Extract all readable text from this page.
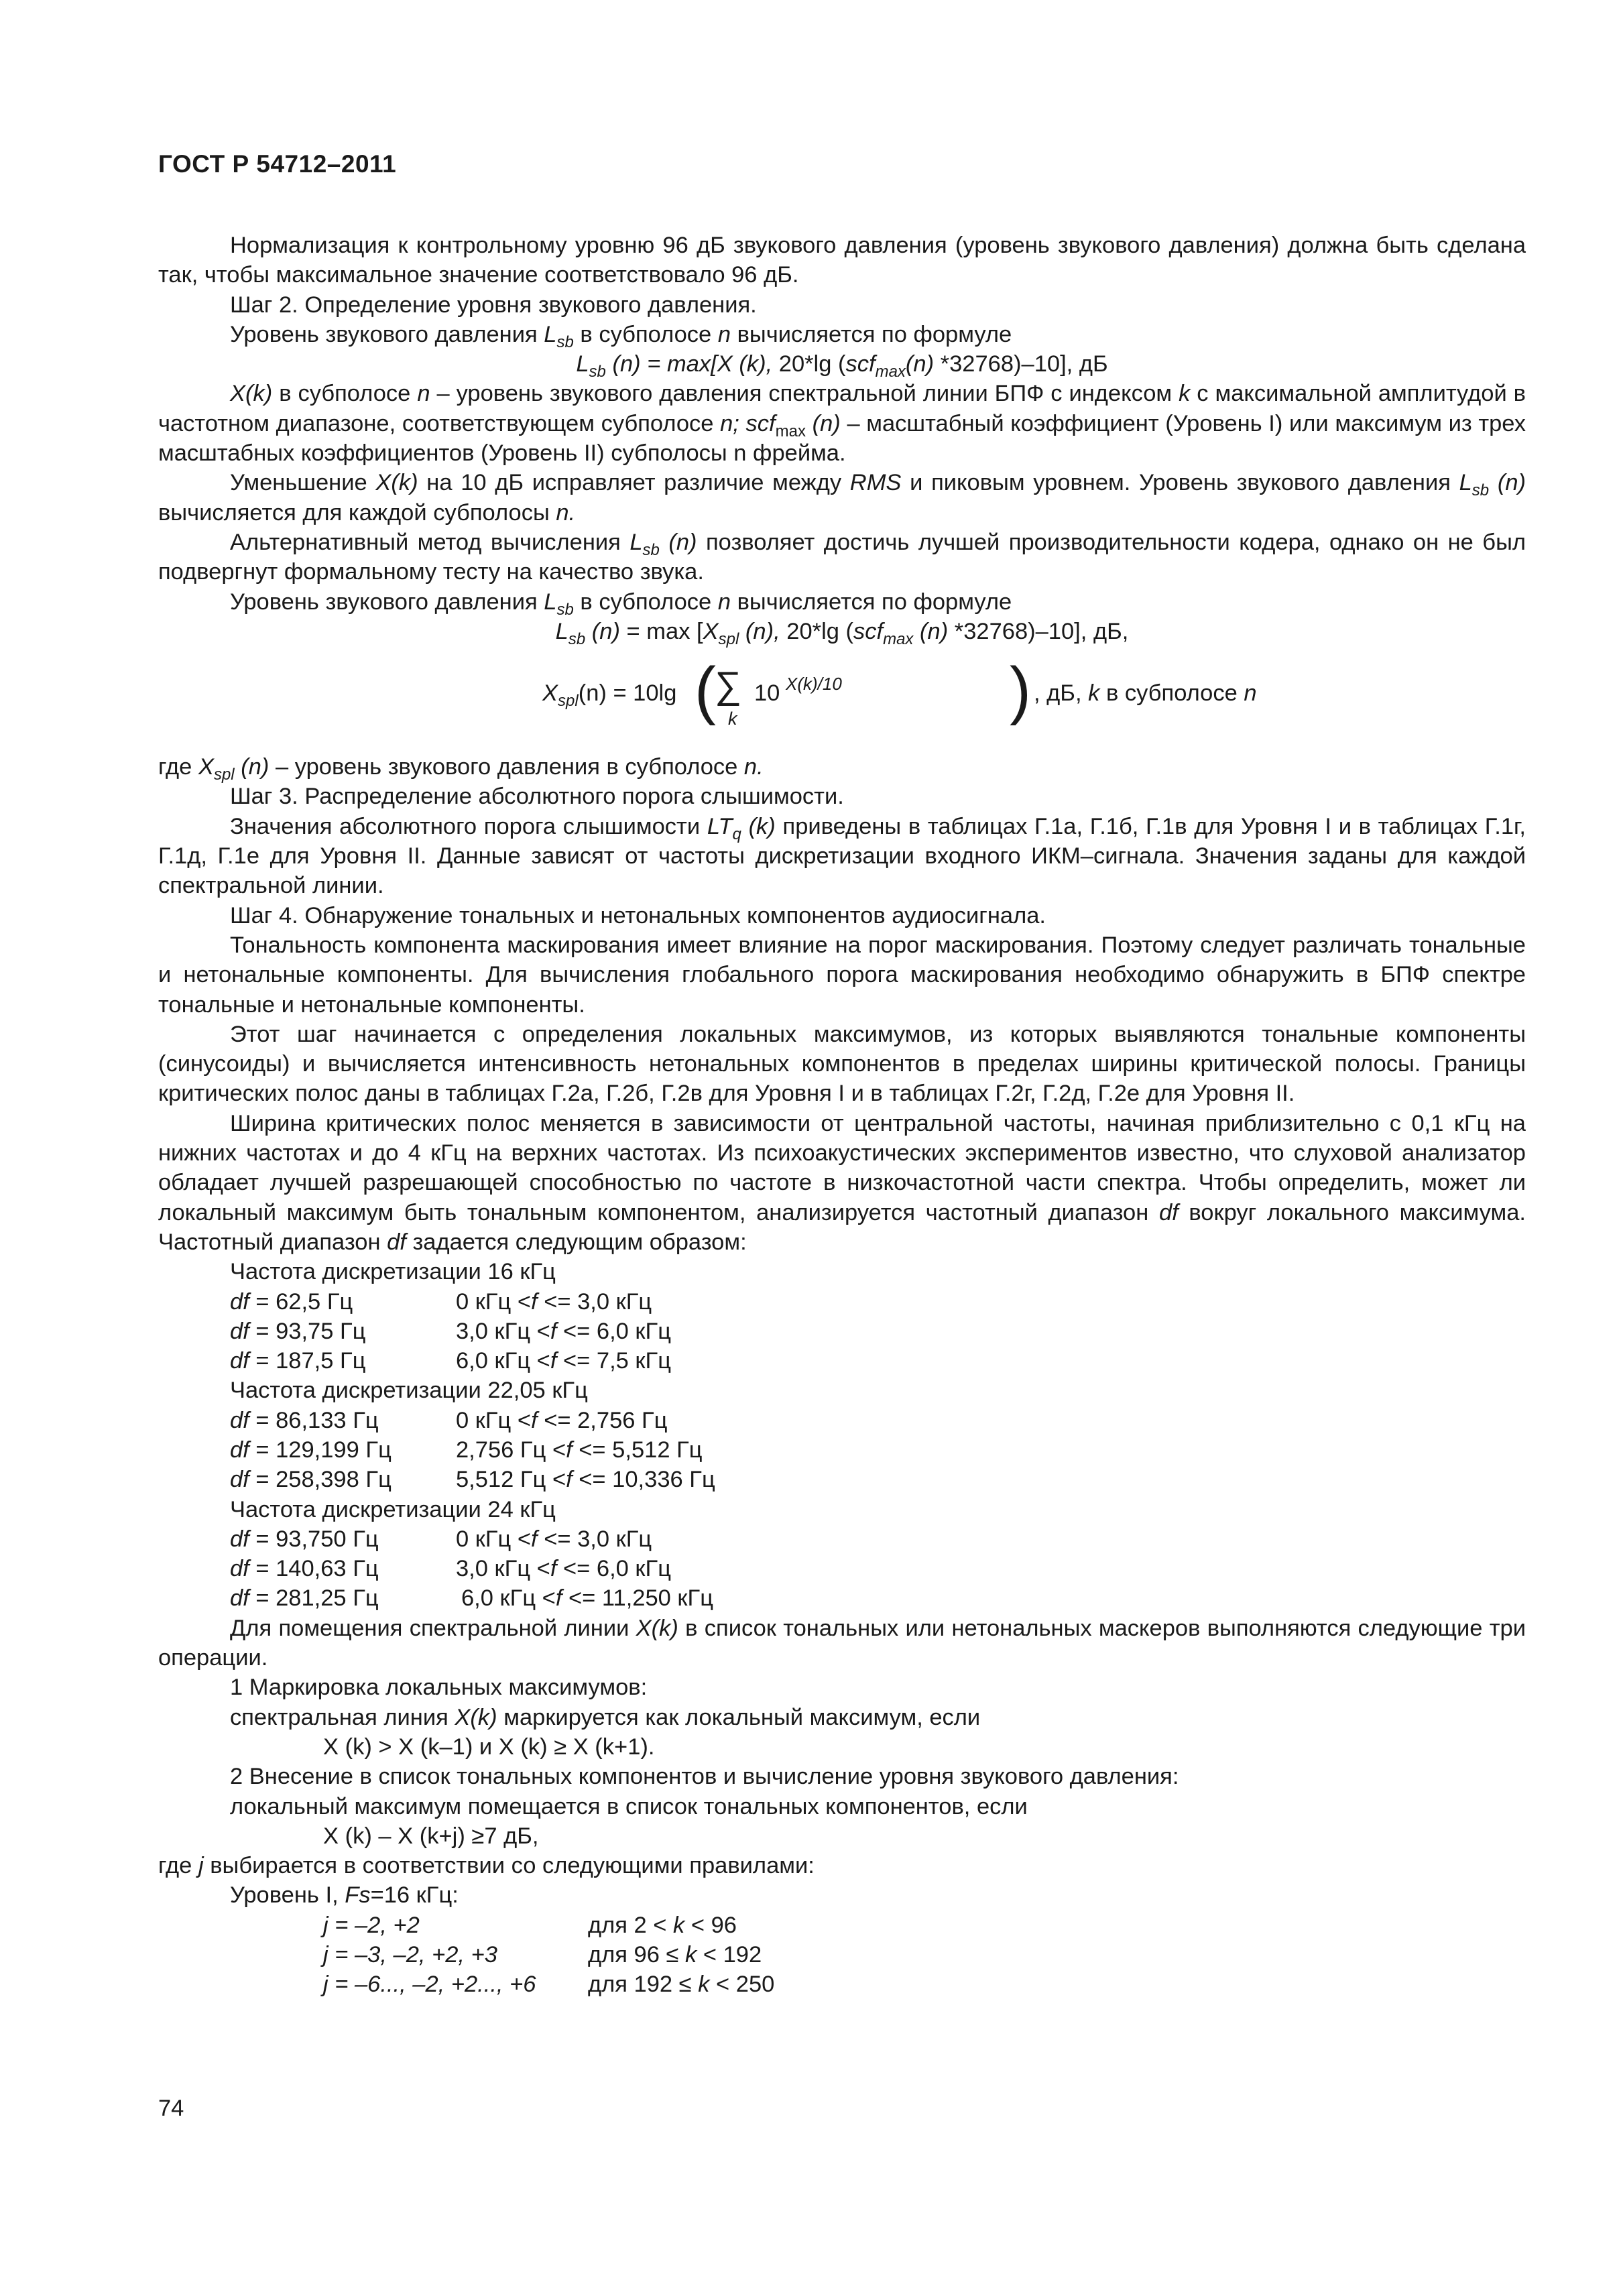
ГОСТ Р 54712–2011

Нормализация к контрольному уровню 96 дБ звукового давления (уровень звукового давления) должна быть сделана так, чтобы максимальное значение соответствовало 96 дБ.

Шаг 2. Определение уровня звукового давления.

Уровень звукового давления $L_{sb}$ в субполосе n вычисляется по формуле

$L_{sb}$ (n) = max[X (k), 20*lg (scf$_{max}$(n) *32768)–10], дБ

X(k) в субполосе n – уровень звукового давления спектральной линии БПФ с индексом k с максимальной амплитудой в частотном диапазоне, соответствующем субполосе n; scf$_{max}$ (n) – масштабный коэффициент (Уровень I) или максимум из трех масштабных коэффициентов (Уровень II) субполосы n фрейма.

Уменьшение X(k) на 10 дБ исправляет различие между RMS и пиковым уровнем. Уровень звукового давления $L_{sb}$ (n) вычисляется для каждой субполосы n.

Альтернативный метод вычисления $L_{sb}$ (n) позволяет достичь лучшей производительности кодера, однако он не был подвергнут формальному тесту на качество звука.

Уровень звукового давления $L_{sb}$ в субполосе n вычисляется по формуле

$L_{sb}$ $(n) = \max [X_{spl}$ (n), 20*lg (scf$_{max}$ (n) *32768)–10], дБ,

$X_{spl}(n) = 10\lg$ (
∑
k
10 X(k)/10	) , дБ, k в субполосе n

где $X_{spl}$ (n) – уровень звукового давления в субполосе n.

Шаг 3. Распределение абсолютного порога слышимости.

Значения абсолютного порога слышимости $LT_q$ (k) приведены в таблицах Г.1а, Г.1б, Г.1в для Уровня I и в таблицах Г.1г, Г.1д, Г.1е для Уровня II. Данные зависят от частоты дискретизации входного ИКМ–сигнала. Значения заданы для каждой спектральной линии.

Шаг 4. Обнаружение тональных и нетональных компонентов аудиосигнала.

Тональность компонента маскирования имеет влияние на порог маскирования. Поэтому следует различать тональные и нетональные компоненты. Для вычисления глобального порога маскирования необходимо обнаружить в БПФ спектре тональные и нетональные компоненты.

Этот шаг начинается с определения локальных максимумов, из которых выявляются тональные компоненты (синусоиды) и вычисляется интенсивность нетональных компонентов в пределах ширины критической полосы. Границы критических полос даны в таблицах Г.2а, Г.2б, Г.2в для Уровня I и в таблицах Г.2г, Г.2д, Г.2е для Уровня II.

Ширина критических полос меняется в зависимости от центральной частоты, начиная приблизительно с 0,1 кГц на нижних частотах и до 4 кГц на верхних частотах. Из психоакустических экспериментов известно, что слуховой анализатор обладает лучшей разрешающей способностью по частоте в низкочастотной части спектра. Чтобы определить, может ли локальный максимум быть тональным компонентом, анализируется частотный диапазон df вокруг локального максимума. Частотный диапазон df задается следующим образом:

Частота дискретизации 16 кГц

df = 62,5 Гц	0 кГц <f <= 3,0 кГц
df = 93,75 Гц	3,0 кГц <f <= 6,0 кГц
df = 187,5 Гц	6,0 кГц <f <= 7,5 кГц

Частота дискретизации 22,05 кГц

df = 86,133 Гц	0 кГц <f <= 2,756 Гц
df = 129,199 Гц	2,756 Гц <f <= 5,512 Гц
df = 258,398 Гц	5,512 Гц <f <= 10,336 Гц

Частота дискретизации 24 кГц

df = 93,750 Гц	0 кГц <f <= 3,0 кГц
df = 140,63 Гц	3,0 кГц <f <= 6,0 кГц
df = 281,25 Гц	6,0 кГц <f <= 11,250 кГц

Для помещения спектральной линии X(k) в список тональных или нетональных маскеров выполняются следующие три операции.

1 Маркировка локальных максимумов:

спектральная линия X(k) маркируется как локальный максимум, если

X (k) > X (k–1) и X (k) ≥ X (k+1).

2 Внесение в список тональных компонентов и вычисление уровня звукового давления:

локальный максимум помещается в список тональных компонентов, если

X (k) – X (k+j) ≥7 дБ,

где j выбирается в соответствии со следующими правилами:

Уровень I, Fs=16 кГц:

j = –2, +2	для 2 < k < 96
j = –3, –2, +2, +3	для 96 ≤ k < 192
j = –6..., –2, +2..., +6	для 192 ≤ k < 250
74
